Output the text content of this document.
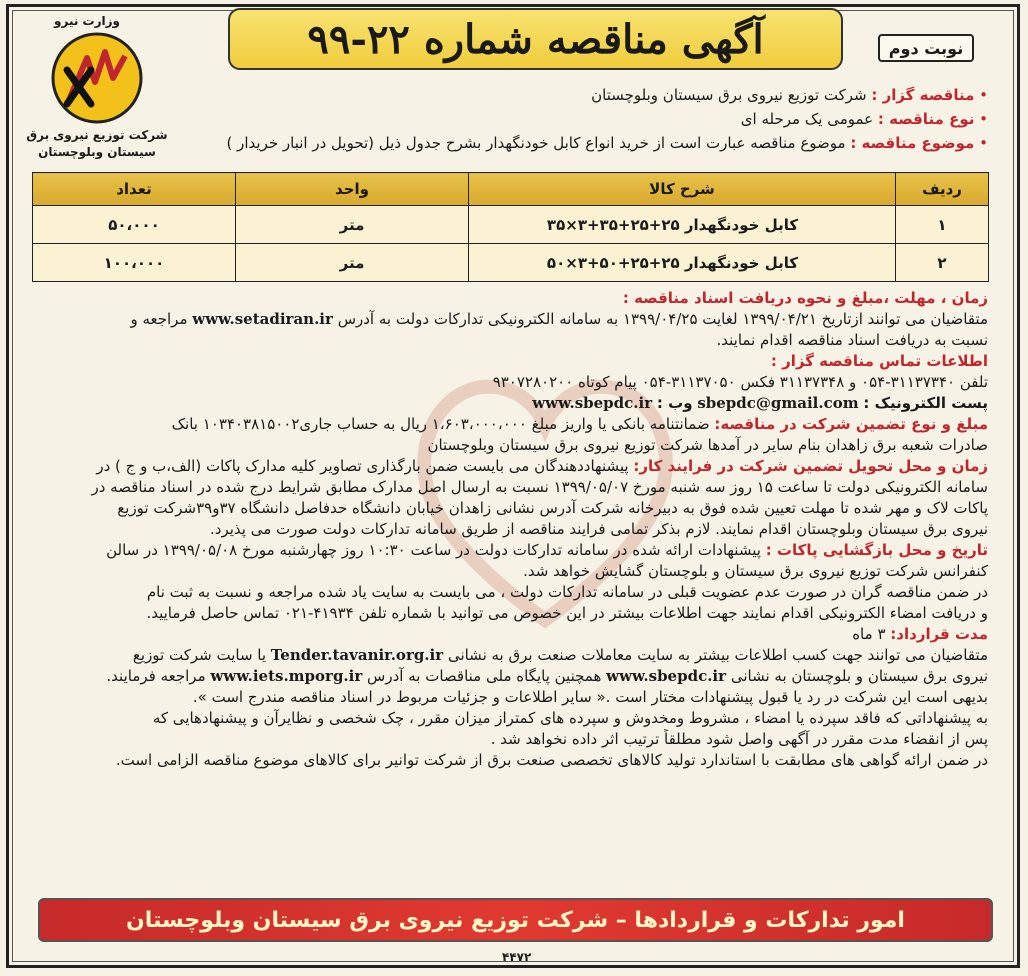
وزارت نیرو
شرکت توزیع نیروی برق
سیستان وبلوچستان
آگهی مناقصه شماره ۲۲-۹۹	نوبت دوم
• مناقصه گزار : شرکت توزیع نیروی برق سیستان وبلوچستان
• نوع مناقصه : عمومی یک مرحله ای
• موضوع مناقصه : موضوع مناقصه عبارت است از خرید انواع کابل خودنگهدار بشرح جدول ذیل (تحویل در انبار خریدار )
ردیف	شرح کالا	واحد	تعداد
۱	کابل خودنگهدار ۲۵+۲۵+۳۵+۳×۳۵	متر	۵۰،۰۰۰
۲	کابل خودنگهدار ۲۵+۲۵+۵۰+۳×۵۰	متر	۱۰۰،۰۰۰
زمان ، مهلت ،مبلغ و نحوه دریافت اسناد مناقصه :
متقاضیان می توانند ازتاریخ ۱۳۹۹/۰۴/۲۱ لغایت ۱۳۹۹/۰۴/۲۵ به سامانه الکترونیکی تدارکات دولت به آدرس www.setadiran.ir مراجعه و
نسبت به دریافت اسناد مناقصه اقدام نمایند.
اطلاعات تماس مناقصه گزار :
تلفن ۳۱۱۳۷۳۴۰-۰۵۴ و ۳۱۱۳۷۳۴۸ فکس ۳۱۱۳۷۰۵۰-۰۵۴ پیام کوتاه ۹۳۰۷۲۸۰۲۰۰
پست الکترونیک : sbepdc@gmail.com وب : www.sbepdc.ir
مبلغ و نوع تضمین شرکت در مناقصه: ضمانتنامه بانکی یا واریز مبلغ ۱،۶۰۳،۰۰۰،۰۰۰ ریال به حساب جاری۱۰۳۴۰۳۸۱۵۰۰۲ بانک
صادرات شعبه برق زاهدان بنام سایر در آمدها شرکت توزیع نیروی برق سیستان وبلوچستان
زمان و محل تحویل تضمین شرکت در فرایند کار: پیشنهاددهندگان می بایست ضمن بارگذاری تصاویر کلیه مدارک پاکات (الف،ب و ج ) در
سامانه الکترونیکی دولت تا ساعت ۱۵ روز سه شنبه مورخ ۱۳۹۹/۰۵/۰۷ نسبت به ارسال اصل مدارک مطابق شرایط درج شده در اسناد مناقصه در
پاکات لاک و مهر شده تا مهلت تعیین شده فوق به دبیرخانه شرکت آدرس نشانی زاهدان خیابان دانشگاه حدفاصل دانشگاه ۳۷و۳۹شرکت توزیع
نیروی برق سیستان وبلوچستان اقدام نمایند. لازم بذکر تمامی فرایند مناقصه از طریق سامانه تدارکات دولت صورت می پذیرد.
تاریخ و محل بازگشایی پاکات : پیشنهادات ارائه شده در سامانه تدارکات دولت در ساعت ۱۰:۳۰ روز چهارشنبه مورخ ۱۳۹۹/۰۵/۰۸ در سالن
کنفرانس شرکت توزیع نیروی برق سیستان و بلوچستان گشایش خواهد شد.
در ضمن مناقصه گران در صورت عدم عضویت قبلی در سامانه تدارکات دولت ، می بایست به سایت یاد شده مراجعه و نسبت به ثبت نام
و دریافت امضاء الکترونیکی اقدام نمایند جهت اطلاعات بیشتر در این خصوص می توانید با شماره تلفن ۴۱۹۳۴-۰۲۱ تماس حاصل فرمایید.
مدت قرارداد: ۳ ماه
متقاضیان می توانند جهت کسب اطلاعات بیشتر به سایت معاملات صنعت برق به نشانی Tender.tavanir.org.ir یا سایت شرکت توزیع
نیروی برق سیستان و بلوچستان به نشانی www.sbepdc.ir همچنین پایگاه ملی مناقصات به آدرس www.iets.mporg.ir مراجعه فرمایند.
بدیهی است این شرکت در رد یا قبول پیشنهادات مختار است .« سایر اطلاعات و جزئیات مربوط در اسناد مناقصه مندرج است ».
به پیشنهاداتی که فاقد سپرده یا امضاء ، مشروط ومخدوش و سپرده های کمتراز میزان مقرر ، چک شخصی و نظایرآن و پیشنهادهایی که
پس از انقضاء مدت مقرر در آگهی واصل شود مطلقاً ترتیب اثر داده نخواهد شد .
در ضمن ارائه گواهی های مطابقت با استاندارد تولید کالاهای تخصصی صنعت برق از شرکت توانیر برای کالاهای موضوع مناقصه الزامی است.
امور تدارکات و قراردادها – شرکت توزیع نیروی برق سیستان وبلوچستان
۴۴۷۲
